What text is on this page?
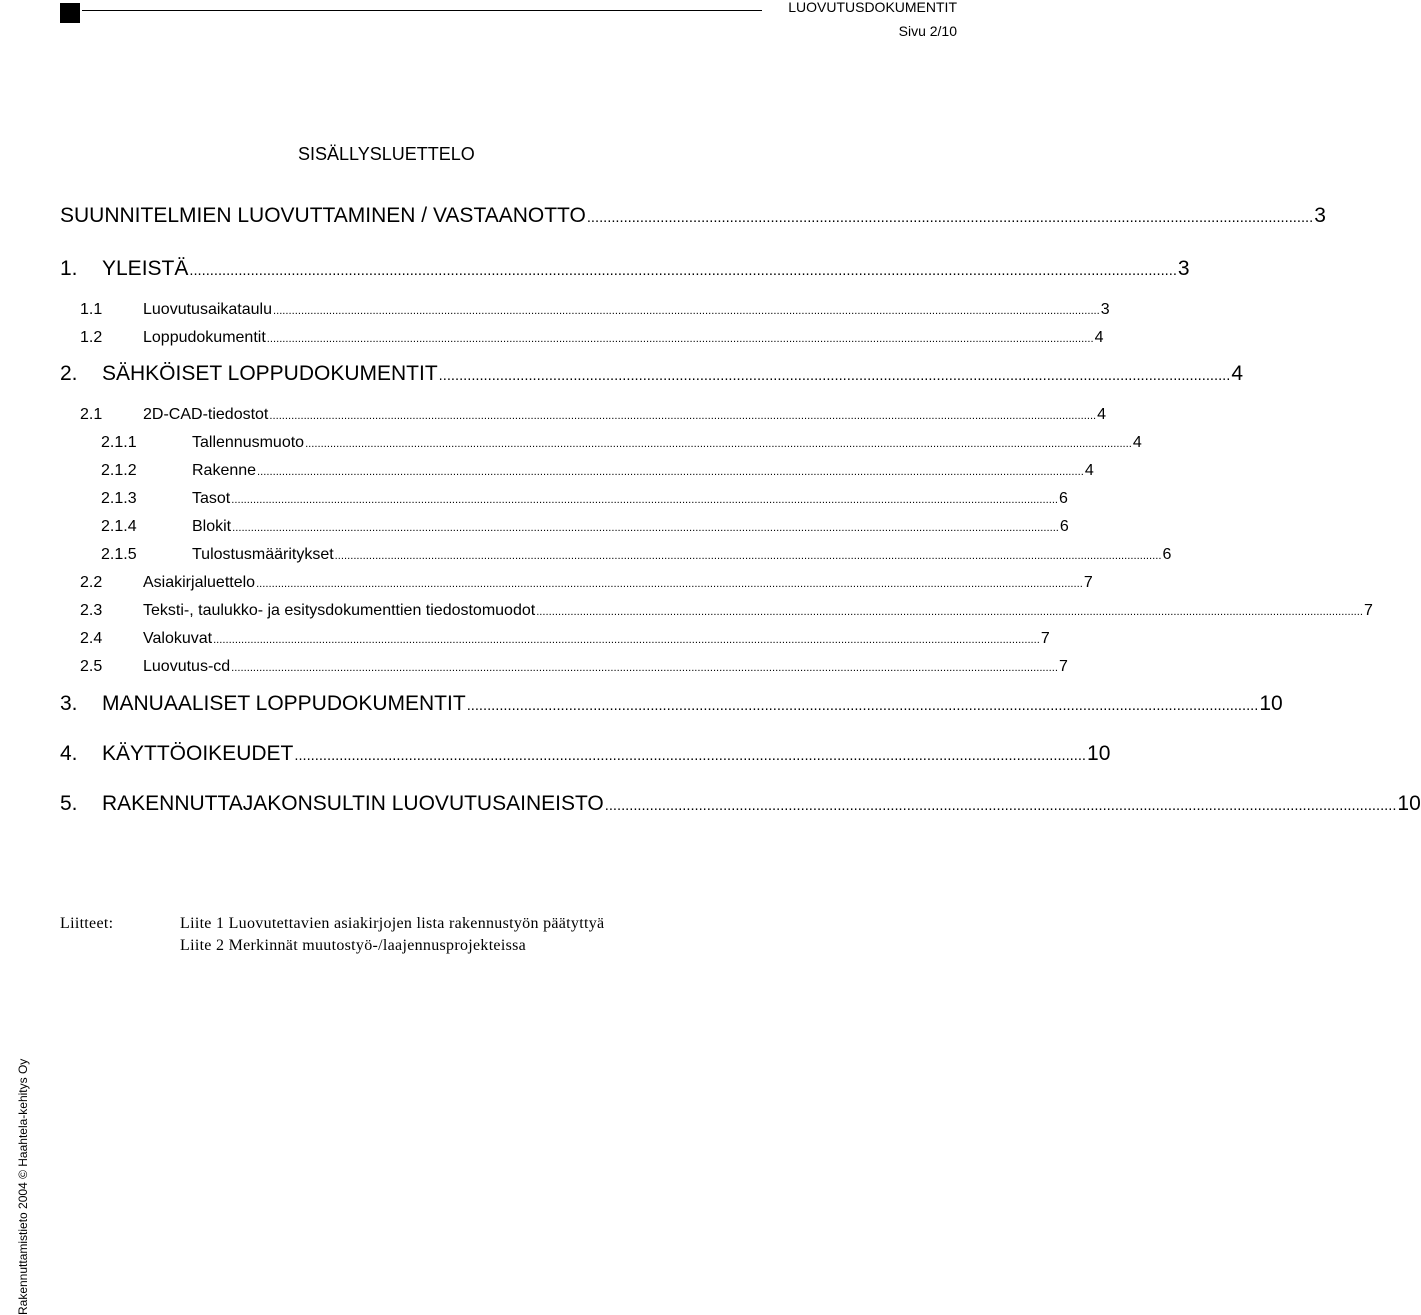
LUOVUTUSDOKUMENTIT
Sivu 2/10
SISÄLLYSLUETTELO
SUUNNITELMIEN LUOVUTTAMINEN / VASTAANOTTO .................................................................................................................................................................................. 3
1.	YLEISTÄ .................................................................................................................................................................................................................................................. 3
1.1	Luovutusaikataulu .......................................................................................................................................................................................................................................................................... 3
1.2	Loppudokumentit .......................................................................................................................................................................................................................................................................... 4
2.	SÄHKÖISET LOPPUDOKUMENTIT .................................................................................................................................................................................................. 4
2.1	2D-CAD-tiedostot .......................................................................................................................................................................................................................................................................... 4
2.1.1	Tallennusmuoto .......................................................................................................................................................................................................................................................................... 4
2.1.2	Rakenne .......................................................................................................................................................................................................................................................................... 4
2.1.3	Tasot .......................................................................................................................................................................................................................................................................... 6
2.1.4	Blokit .......................................................................................................................................................................................................................................................................... 6
2.1.5	Tulostusmääritykset .......................................................................................................................................................................................................................................................................... 6
2.2	Asiakirjaluettelo .......................................................................................................................................................................................................................................................................... 7
2.3	Teksti-, taulukko- ja esitysdokumenttien tiedostomuodot .......................................................................................................................................................................................................................................................................... 7
2.4	Valokuvat .......................................................................................................................................................................................................................................................................... 7
2.5	Luovutus-cd .......................................................................................................................................................................................................................................................................... 7
3.	MANUAALISET LOPPUDOKUMENTIT .................................................................................................................................................................................................. 10
4.	KÄYTTÖOIKEUDET .................................................................................................................................................................................................. 10
5.	RAKENNUTTAJAKONSULTIN LUOVUTUSAINEISTO .................................................................................................................................................................................................. 10
Liitteet:	Liite 1 Luovutettavien asiakirjojen lista rakennustyön päätyttyä
Liite 2 Merkinnät muutostyö-/laajennusprojekteissa
Rakennuttamistieto 2004 © Haahtela-kehitys Oy
